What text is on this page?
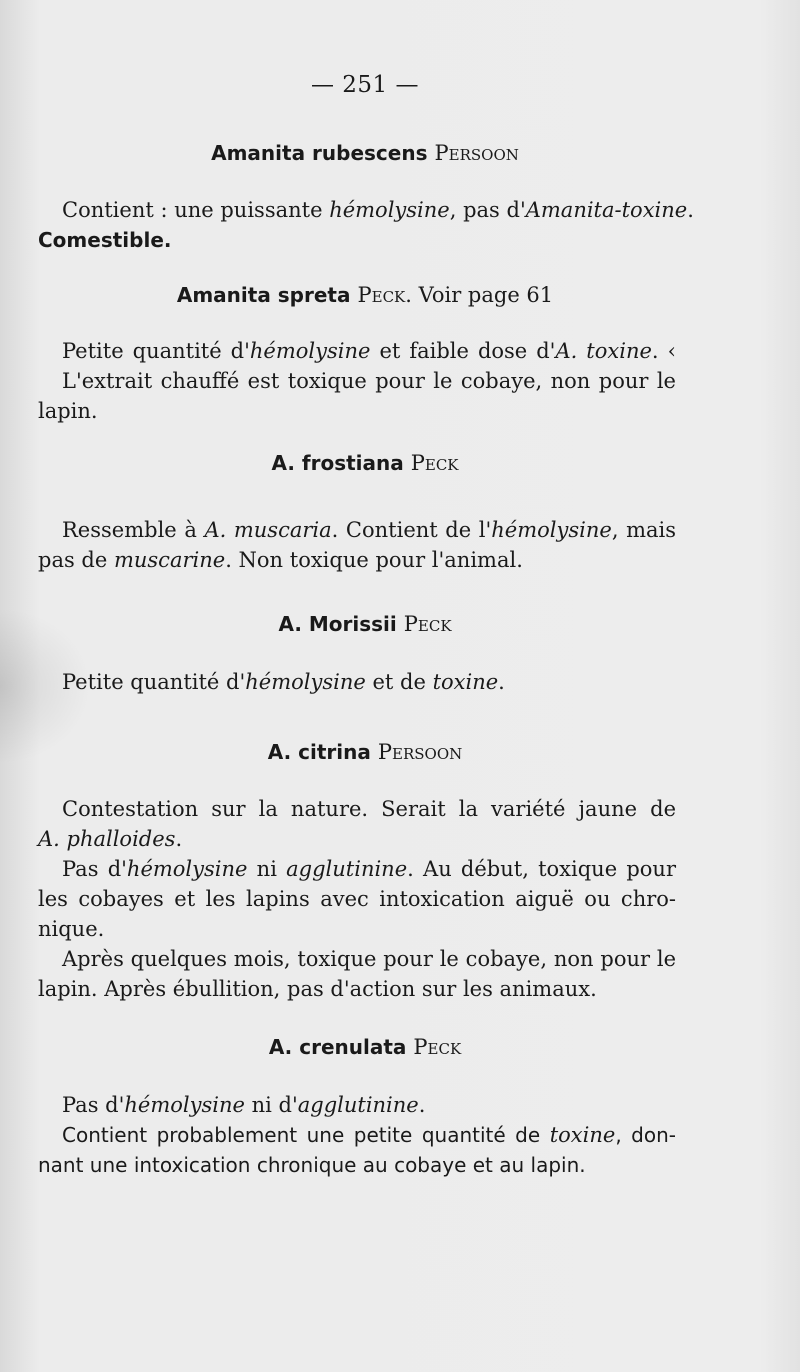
— 251 —
Amanita rubescens Persoon
Contient : une puissante hémolysine, pas d'Amanita-toxine.
Comestible.
Amanita spreta Peck. Voir page 61
Petite quantité d'hémolysine et faible dose d'A. toxine. ‹
L'extrait chauffé est toxique pour le cobaye, non pour le
lapin.
A. frostiana Peck
Ressemble à A. muscaria. Contient de l'hémolysine, mais
pas de muscarine. Non toxique pour l'animal.
A. Morissii Peck
Petite quantité d'hémolysine et de toxine.
A. citrina Persoon
Contestation sur la nature. Serait la variété jaune de
A. phalloides.
Pas d'hémolysine ni agglutinine. Au début, toxique pour
les cobayes et les lapins avec intoxication aiguë ou chro-
nique.
Après quelques mois, toxique pour le cobaye, non pour le
lapin. Après ébullition, pas d'action sur les animaux.
A. crenulata Peck
Pas d'hémolysine ni d'agglutinine.
Contient probablement une petite quantité de toxine, don-
nant une intoxication chronique au cobaye et au lapin.
